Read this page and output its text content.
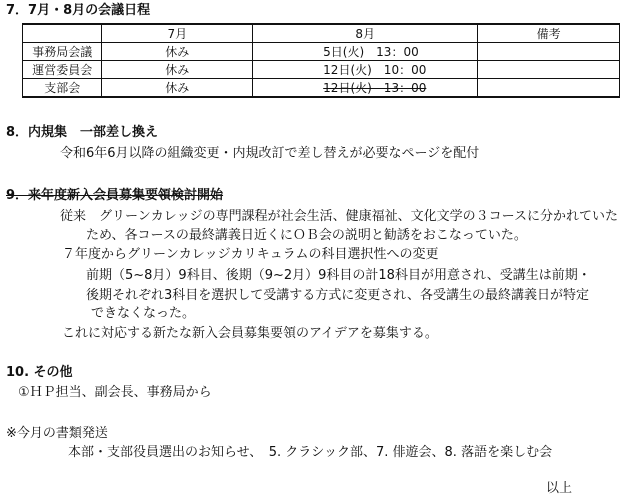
7．7月・8月の会議日程
	7月	8月	備考
事務局会議	休み	5日(火)　13：00	
運営委員会	休み	12日(火)　10：00	
支部会	休み	12日(火)　13：00	
8．内規集　一部差し換え
令和6年6月以降の組織変更・内規改訂で差し替えが必要なページを配付
9．来年度新入会員募集要領検討開始
従来　グリーンカレッジの専門課程が社会生活、健康福祉、文化文学の３コースに分かれていた
ため、各コースの最終講義日近くにＯＢ会の説明と勧誘をおこなっていた。
７年度からグリーンカレッジカリキュラムの科目選択性への変更
前期（5~8月）9科目、後期（9~2月）9科目の計18科目が用意され、受講生は前期・
後期それぞれ3科目を選択して受講する方式に変更され、各受講生の最終講義日が特定
できなくなった。
これに対応する新たな新入会員募集要領のアイデアを募集する。
10. その他
①ＨＰ担当、副会長、事務局から
※今月の書類発送
本部・支部役員選出のお知らせ、　5. クラシック部、7. 俳遊会、8. 落語を楽しむ会
以上
